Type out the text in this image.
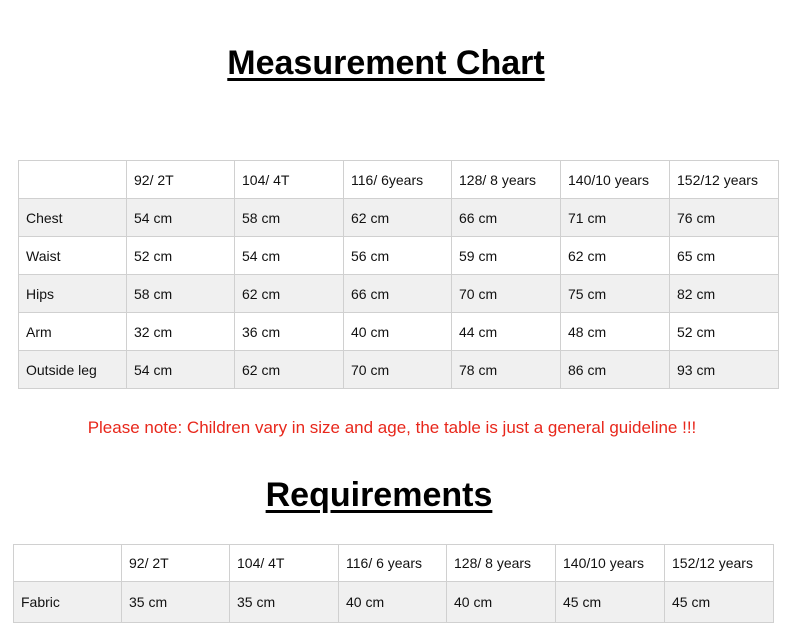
Measurement Chart
	92/ 2T	104/ 4T	116/ 6years	128/ 8 years	140/10 years	152/12 years
Chest	54 cm	58 cm	62 cm	66 cm	71 cm	76 cm
Waist	52 cm	54 cm	56 cm	59 cm	62 cm	65 cm
Hips	58 cm	62 cm	66 cm	70 cm	75 cm	82 cm
Arm	32 cm	36 cm	40 cm	44 cm	48 cm	52 cm
Outside leg	54 cm	62 cm	70 cm	78 cm	86 cm	93 cm

Please note: Children vary in size and age, the table is just a general guideline !!!

Requirements
	92/ 2T	104/ 4T	116/ 6 years	128/ 8 years	140/10 years	152/12 years
Fabric	35 cm	35 cm	40 cm	40 cm	45 cm	45 cm
